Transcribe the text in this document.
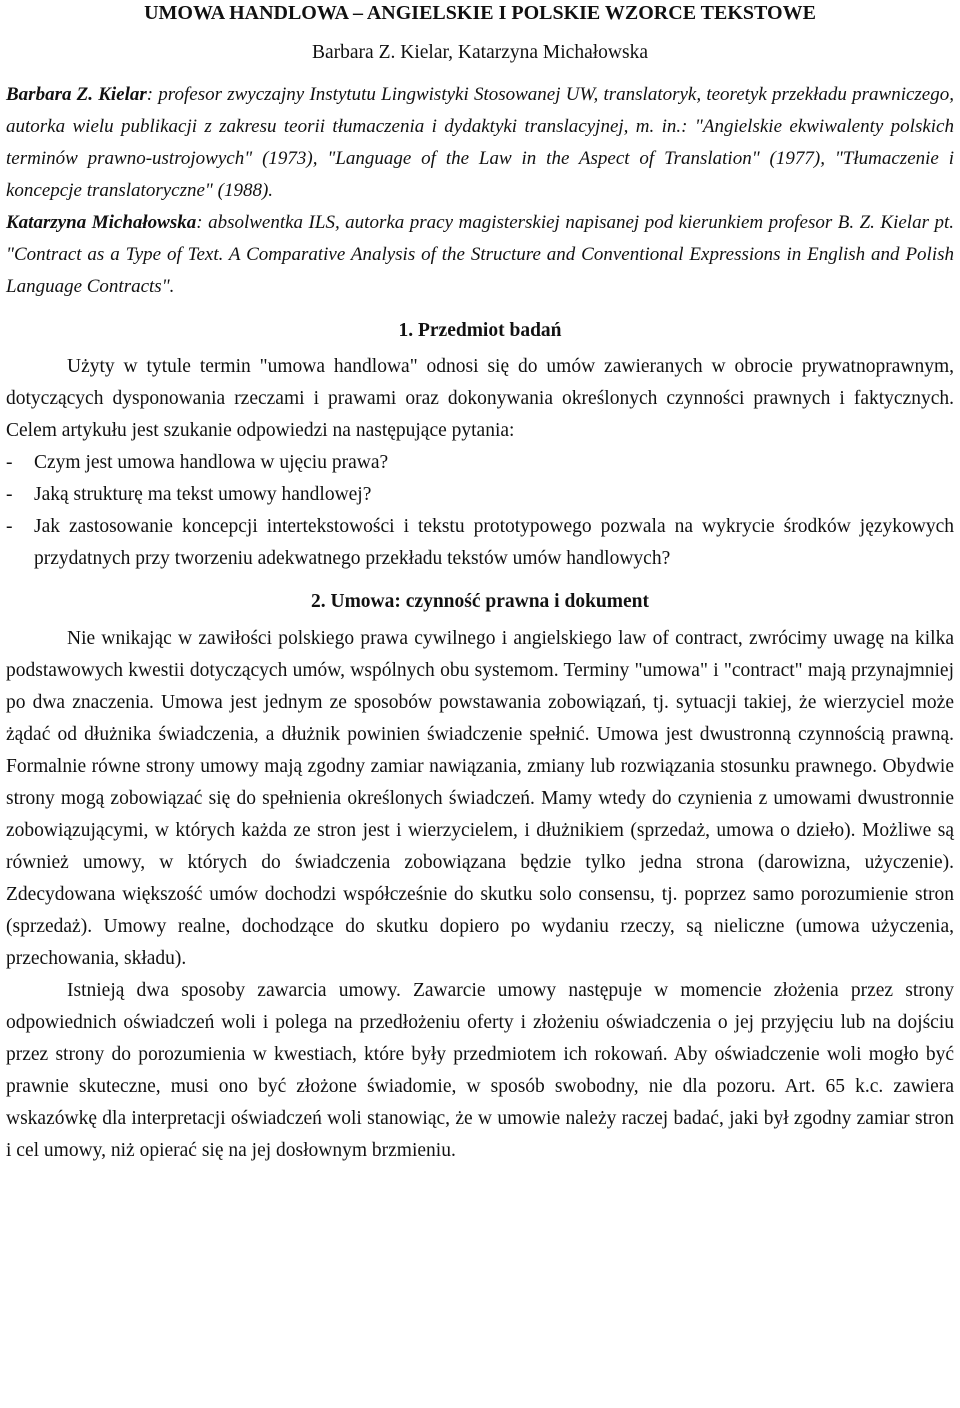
UMOWA HANDLOWA – ANGIELSKIE I POLSKIE WZORCE TEKSTOWE
Barbara Z. Kielar, Katarzyna Michałowska
Barbara Z. Kielar: profesor zwyczajny Instytutu Lingwistyki Stosowanej UW, translatoryk, teoretyk przekładu prawniczego, autorka wielu publikacji z zakresu teorii tłumaczenia i dydaktyki translacyjnej, m. in.: "Angielskie ekwiwalenty polskich terminów prawno-ustrojowych" (1973), "Language of the Law in the Aspect of Translation" (1977), "Tłumaczenie i koncepcje translatoryczne" (1988).
Katarzyna Michałowska: absolwentka ILS, autorka pracy magisterskiej napisanej pod kierunkiem profesor B. Z. Kielar pt. "Contract as a Type of Text. A Comparative Analysis of the Structure and Conventional Expressions in English and Polish Language Contracts".
1. Przedmiot badań

Użyty w tytule termin "umowa handlowa" odnosi się do umów zawieranych w obrocie prywatnoprawnym, dotyczących dysponowania rzeczami i prawami oraz dokonywania określonych czynności prawnych i faktycznych. Celem artykułu jest szukanie odpowiedzi na następujące pytania:

- Czym jest umowa handlowa w ujęciu prawa?
- Jaką strukturę ma tekst umowy handlowej?
- Jak zastosowanie koncepcji intertekstowości i tekstu prototypowego pozwala na wykrycie środków językowych przydatnych przy tworzeniu adekwatnego przekładu tekstów umów handlowych?
2. Umowa: czynność prawna i dokument

Nie wnikając w zawiłości polskiego prawa cywilnego i angielskiego law of contract, zwrócimy uwagę na kilka podstawowych kwestii dotyczących umów, wspólnych obu systemom. Terminy "umowa" i "contract" mają przynajmniej po dwa znaczenia. Umowa jest jednym ze sposobów powstawania zobowiązań, tj. sytuacji takiej, że wierzyciel może żądać od dłużnika świadczenia, a dłużnik powinien świadczenie spełnić. Umowa jest dwustronną czynnością prawną. Formalnie równe strony umowy mają zgodny zamiar nawiązania, zmiany lub rozwiązania stosunku prawnego. Obydwie strony mogą zobowiązać się do spełnienia określonych świadczeń. Mamy wtedy do czynienia z umowami dwustronnie zobowiązującymi, w których każda ze stron jest i wierzycielem, i dłużnikiem (sprzedaż, umowa o dzieło). Możliwe są również umowy, w których do świadczenia zobowiązana będzie tylko jedna strona (darowizna, użyczenie). Zdecydowana większość umów dochodzi współcześnie do skutku solo consensu, tj. poprzez samo porozumienie stron (sprzedaż). Umowy realne, dochodzące do skutku dopiero po wydaniu rzeczy, są nieliczne (umowa użyczenia, przechowania, składu).

Istnieją dwa sposoby zawarcia umowy. Zawarcie umowy następuje w momencie złożenia przez strony odpowiednich oświadczeń woli i polega na przedłożeniu oferty i złożeniu oświadczenia o jej przyjęciu lub na dojściu przez strony do porozumienia w kwestiach, które były przedmiotem ich rokowań. Aby oświadczenie woli mogło być prawnie skuteczne, musi ono być złożone świadomie, w sposób swobodny, nie dla pozoru. Art. 65 k.c. zawiera wskazówkę dla interpretacji oświadczeń woli stanowiąc, że w umowie należy raczej badać, jaki był zgodny zamiar stron i cel umowy, niż opierać się na jej dosłownym brzmieniu.
